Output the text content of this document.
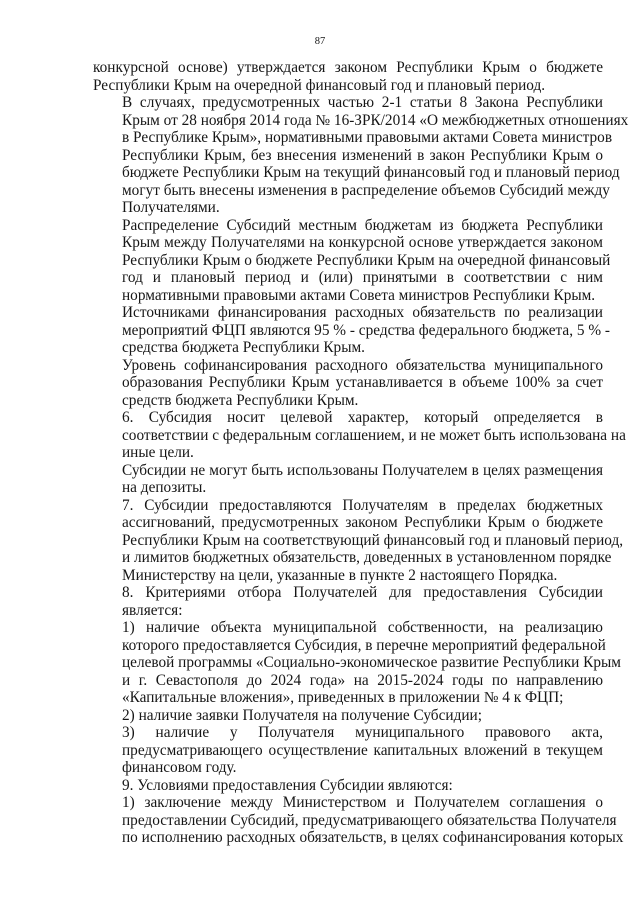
87
конкурсной основе) утверждается законом Республики Крым о бюджете
Республики Крым на очередной финансовый год и плановый период.
В случаях, предусмотренных частью 2-1 статьи 8 Закона Республики
Крым от 28 ноября 2014 года № 16-ЗРК/2014 «О межбюджетных отношениях
в Республике Крым», нормативными правовыми актами Совета министров
Республики Крым, без внесения изменений в закон Республики Крым о
бюджете Республики Крым на текущий финансовый год и плановый период
могут быть внесены изменения в распределение объемов Субсидий между
Получателями.
Распределение Субсидий местным бюджетам из бюджета Республики
Крым между Получателями на конкурсной основе утверждается законом
Республики Крым о бюджете Республики Крым на очередной финансовый
год и плановый период и (или) принятыми в соответствии с ним
нормативными правовыми актами Совета министров Республики Крым.
Источниками финансирования расходных обязательств по реализации
мероприятий ФЦП являются 95 % - средства федерального бюджета, 5 % -
средства бюджета Республики Крым.
Уровень софинансирования расходного обязательства муниципального
образования Республики Крым устанавливается в объеме 100% за счет
средств бюджета Республики Крым.
6. Субсидия носит целевой характер, который определяется в
соответствии с федеральным соглашением, и не может быть использована на
иные цели.
Субсидии не могут быть использованы Получателем в целях размещения
на депозиты.
7. Субсидии предоставляются Получателям в пределах бюджетных
ассигнований, предусмотренных законом Республики Крым о бюджете
Республики Крым на соответствующий финансовый год и плановый период,
и лимитов бюджетных обязательств, доведенных в установленном порядке
Министерству на цели, указанные в пункте 2 настоящего Порядка.
8. Критериями отбора Получателей для предоставления Субсидии
является:
1) наличие объекта муниципальной собственности, на реализацию
которого предоставляется Субсидия, в перечне мероприятий федеральной
целевой программы «Социально-экономическое развитие Республики Крым
и г. Севастополя до 2024 года» на 2015-2024 годы по направлению
«Капитальные вложения», приведенных в приложении № 4 к ФЦП;
2) наличие заявки Получателя на получение Субсидии;
3) наличие у Получателя муниципального правового акта,
предусматривающего осуществление капитальных вложений в текущем
финансовом году.
9. Условиями предоставления Субсидии являются:
1) заключение между Министерством и Получателем соглашения о
предоставлении Субсидий, предусматривающего обязательства Получателя
по исполнению расходных обязательств, в целях софинансирования которых
